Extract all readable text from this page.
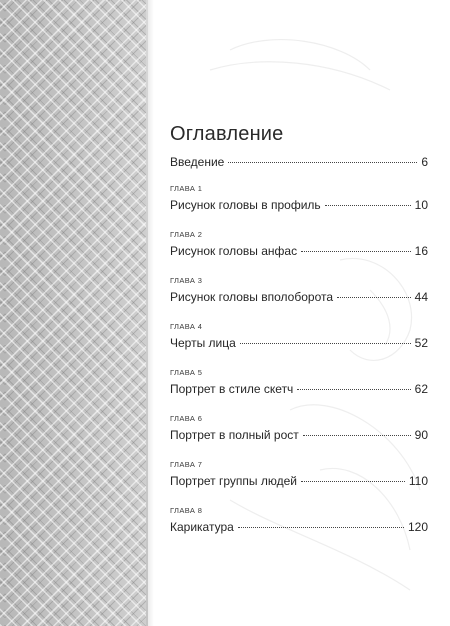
Оглавление
Введение	6
ГЛАВА 1
Рисунок головы в профиль	10
ГЛАВА 2
Рисунок головы анфас	16
ГЛАВА 3
Рисунок головы вполоборота	44
ГЛАВА 4
Черты лица	52
ГЛАВА 5
Портрет в стиле скетч	62
ГЛАВА 6
Портрет в полный рост	90
ГЛАВА 7
Портрет группы людей	110
ГЛАВА 8
Карикатура	120
